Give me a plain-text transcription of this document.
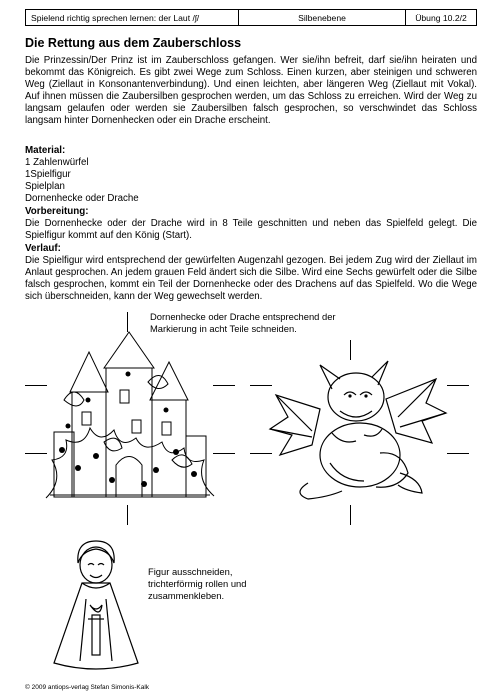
Spielend richtig sprechen lernen: der Laut /ʃ/	Silbenebene	Übung 10.2/2
Die Rettung aus dem Zauberschloss

Die Prinzessin/Der Prinz ist im Zauberschloss gefangen. Wer sie/ihn befreit, darf sie/ihn heiraten und bekommt das Königreich. Es gibt zwei Wege zum Schloss. Einen kurzen, aber steinigen und schweren Weg (Ziellaut in Konsonantenverbindung). Und einen leichten, aber längeren Weg (Ziellaut mit Vokal). Auf ihnen müssen die Zaubersilben gesprochen werden, um das Schloss zu erreichen. Wird der Weg zu langsam gelaufen oder werden sie Zaubersilben falsch gesprochen, so verschwindet das Schloss langsam hinter Dornenhecken oder ein Drache erscheint.

Material:
1 Zahlenwürfel
1Spielfigur
Spielplan
Dornenhecke oder Drache
Vorbereitung:

Die Dornenhecke oder der Drache wird in 8 Teile geschnitten und neben das Spielfeld gelegt. Die Spielfigur kommt auf den König (Start).

Verlauf:

Die Spielfigur wird entsprechend der gewürfelten Augenzahl gezogen. Bei jedem Zug wird der Ziellaut im Anlaut gesprochen. An jedem grauen Feld ändert sich die Silbe. Wird eine Sechs gewürfelt oder die Silbe falsch gesprochen, kommt ein Teil der Dornenhecke oder des Drachens auf das Spielfeld. Wo die Wege sich überschneiden, kann der Weg gewechselt werden.

Dornenhecke oder Drache entsprechend der Markierung in acht Teile schneiden.
Figur ausschneiden, trichterförmig rollen und zusammenkleben.
© 2009 antiops-verlag Stefan Simonis-Kalk
